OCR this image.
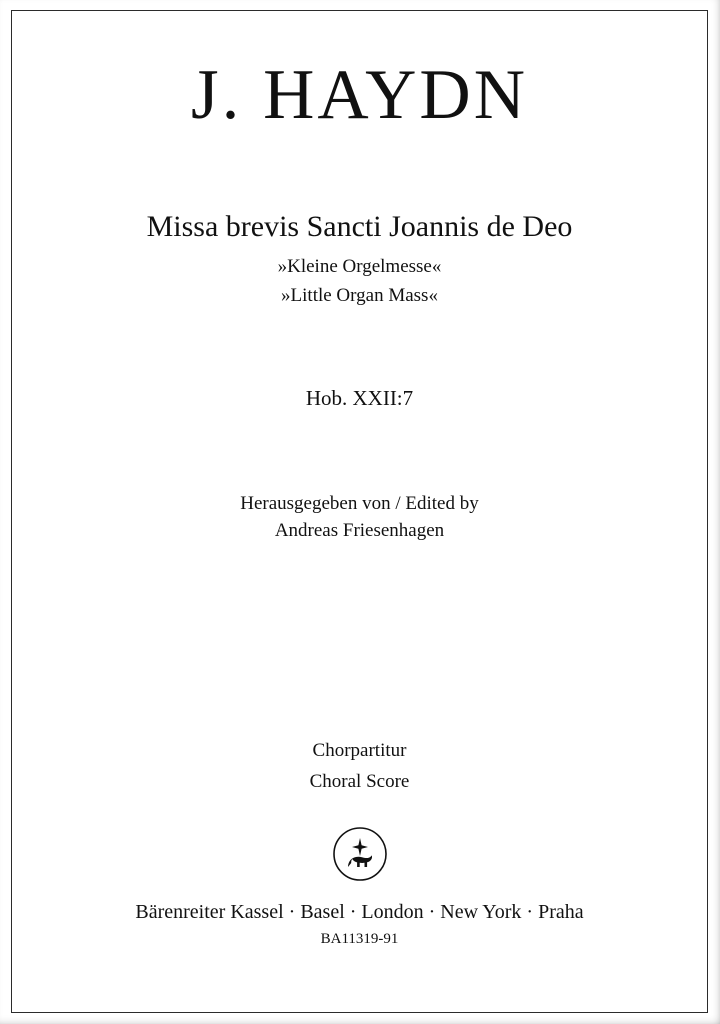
J. HAYDN
Missa brevis Sancti Joannis de Deo

»Kleine Orgelmesse«

»Little Organ Mass«

Hob. XXII:7

Herausgegeben von / Edited by

Andreas Friesenhagen

Chorpartitur

Choral Score

Bärenreiter Kassel · Basel · London · New York · Praha

BA11319-91
